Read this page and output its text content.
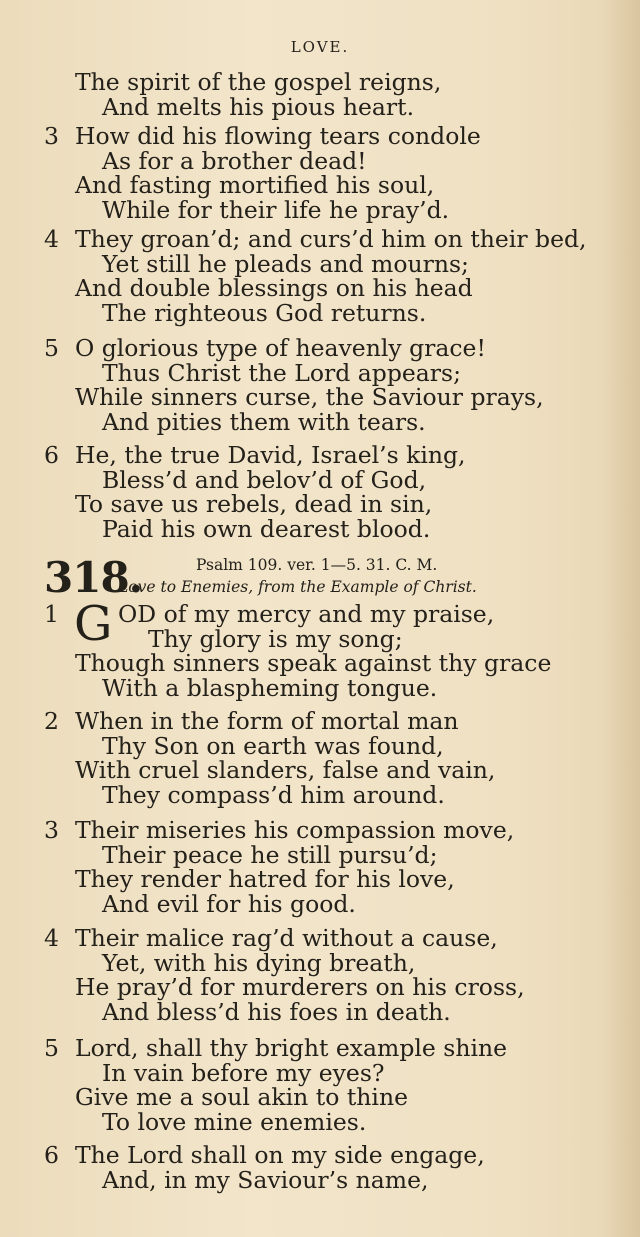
LOVE.
The spirit of the gospel reigns,
And melts his pious heart.
3 How did his flowing tears condole
As for a brother dead!
And fasting mortified his soul,
While for their life he pray’d.
4 They groan’d; and curs’d him on their bed,
Yet still he pleads and mourns;
And double blessings on his head
The righteous God returns.
5 O glorious type of heavenly grace!
Thus Christ the Lord appears;
While sinners curse, the Saviour prays,
And pities them with tears.
6 He, the true David, Israel’s king,
Bless’d and belov’d of God,
To save us rebels, dead in sin,
Paid his own dearest blood.
318.	Psalm 109. ver. 1—5. 31. C. M.
Love to Enemies, from the Example of Christ.
1	OD of my mercy and my praise,
Thy glory is my song;
Though sinners speak against thy grace
With a blaspheming tongue.
G
2 When in the form of mortal man
Thy Son on earth was found,
With cruel slanders, false and vain,
They compass’d him around.
3 Their miseries his compassion move,
Their peace he still pursu’d;
They render hatred for his love,
And evil for his good.
4 Their malice rag’d without a cause,
Yet, with his dying breath,
He pray’d for murderers on his cross,
And bless’d his foes in death.
5 Lord, shall thy bright example shine
In vain before my eyes?
Give me a soul akin to thine
To love mine enemies.
6 The Lord shall on my side engage,
And, in my Saviour’s name,
